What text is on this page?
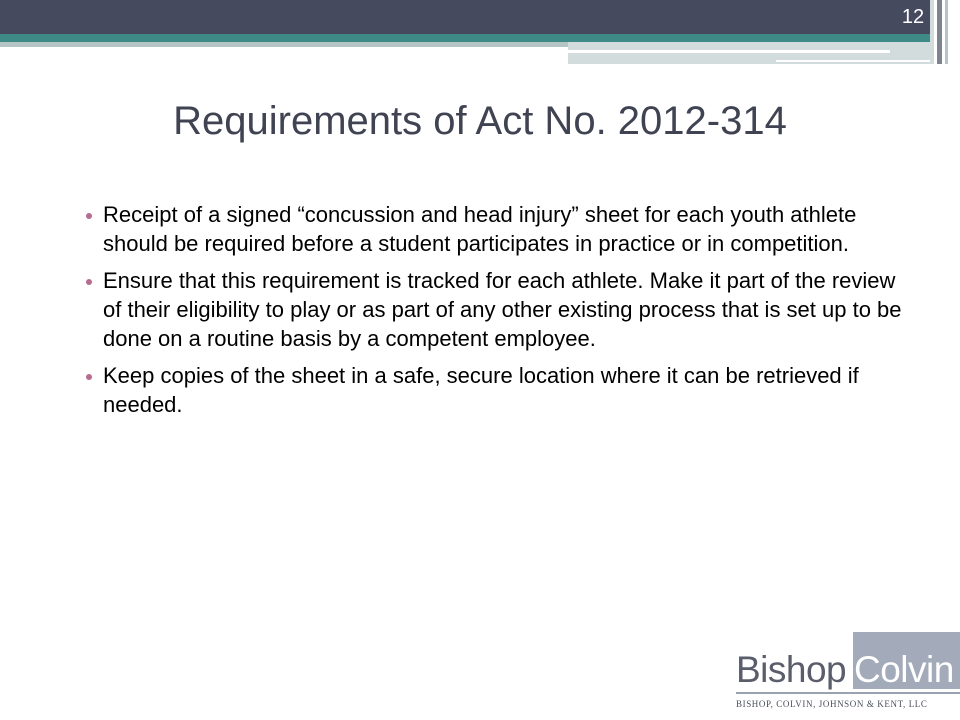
12
Requirements of Act No. 2012-314
Receipt of a signed “concussion and head injury” sheet for each youth athlete should be required before a student participates in practice or in competition.
Ensure that this requirement is tracked for each athlete. Make it part of the review of their eligibility to play or as part of any other existing process that is set up to be done on a routine basis by a competent employee.
Keep copies of the sheet in a safe, secure location where it can be retrieved if needed.
Bishop Colvin
BISHOP, COLVIN, JOHNSON & KENT, LLC
